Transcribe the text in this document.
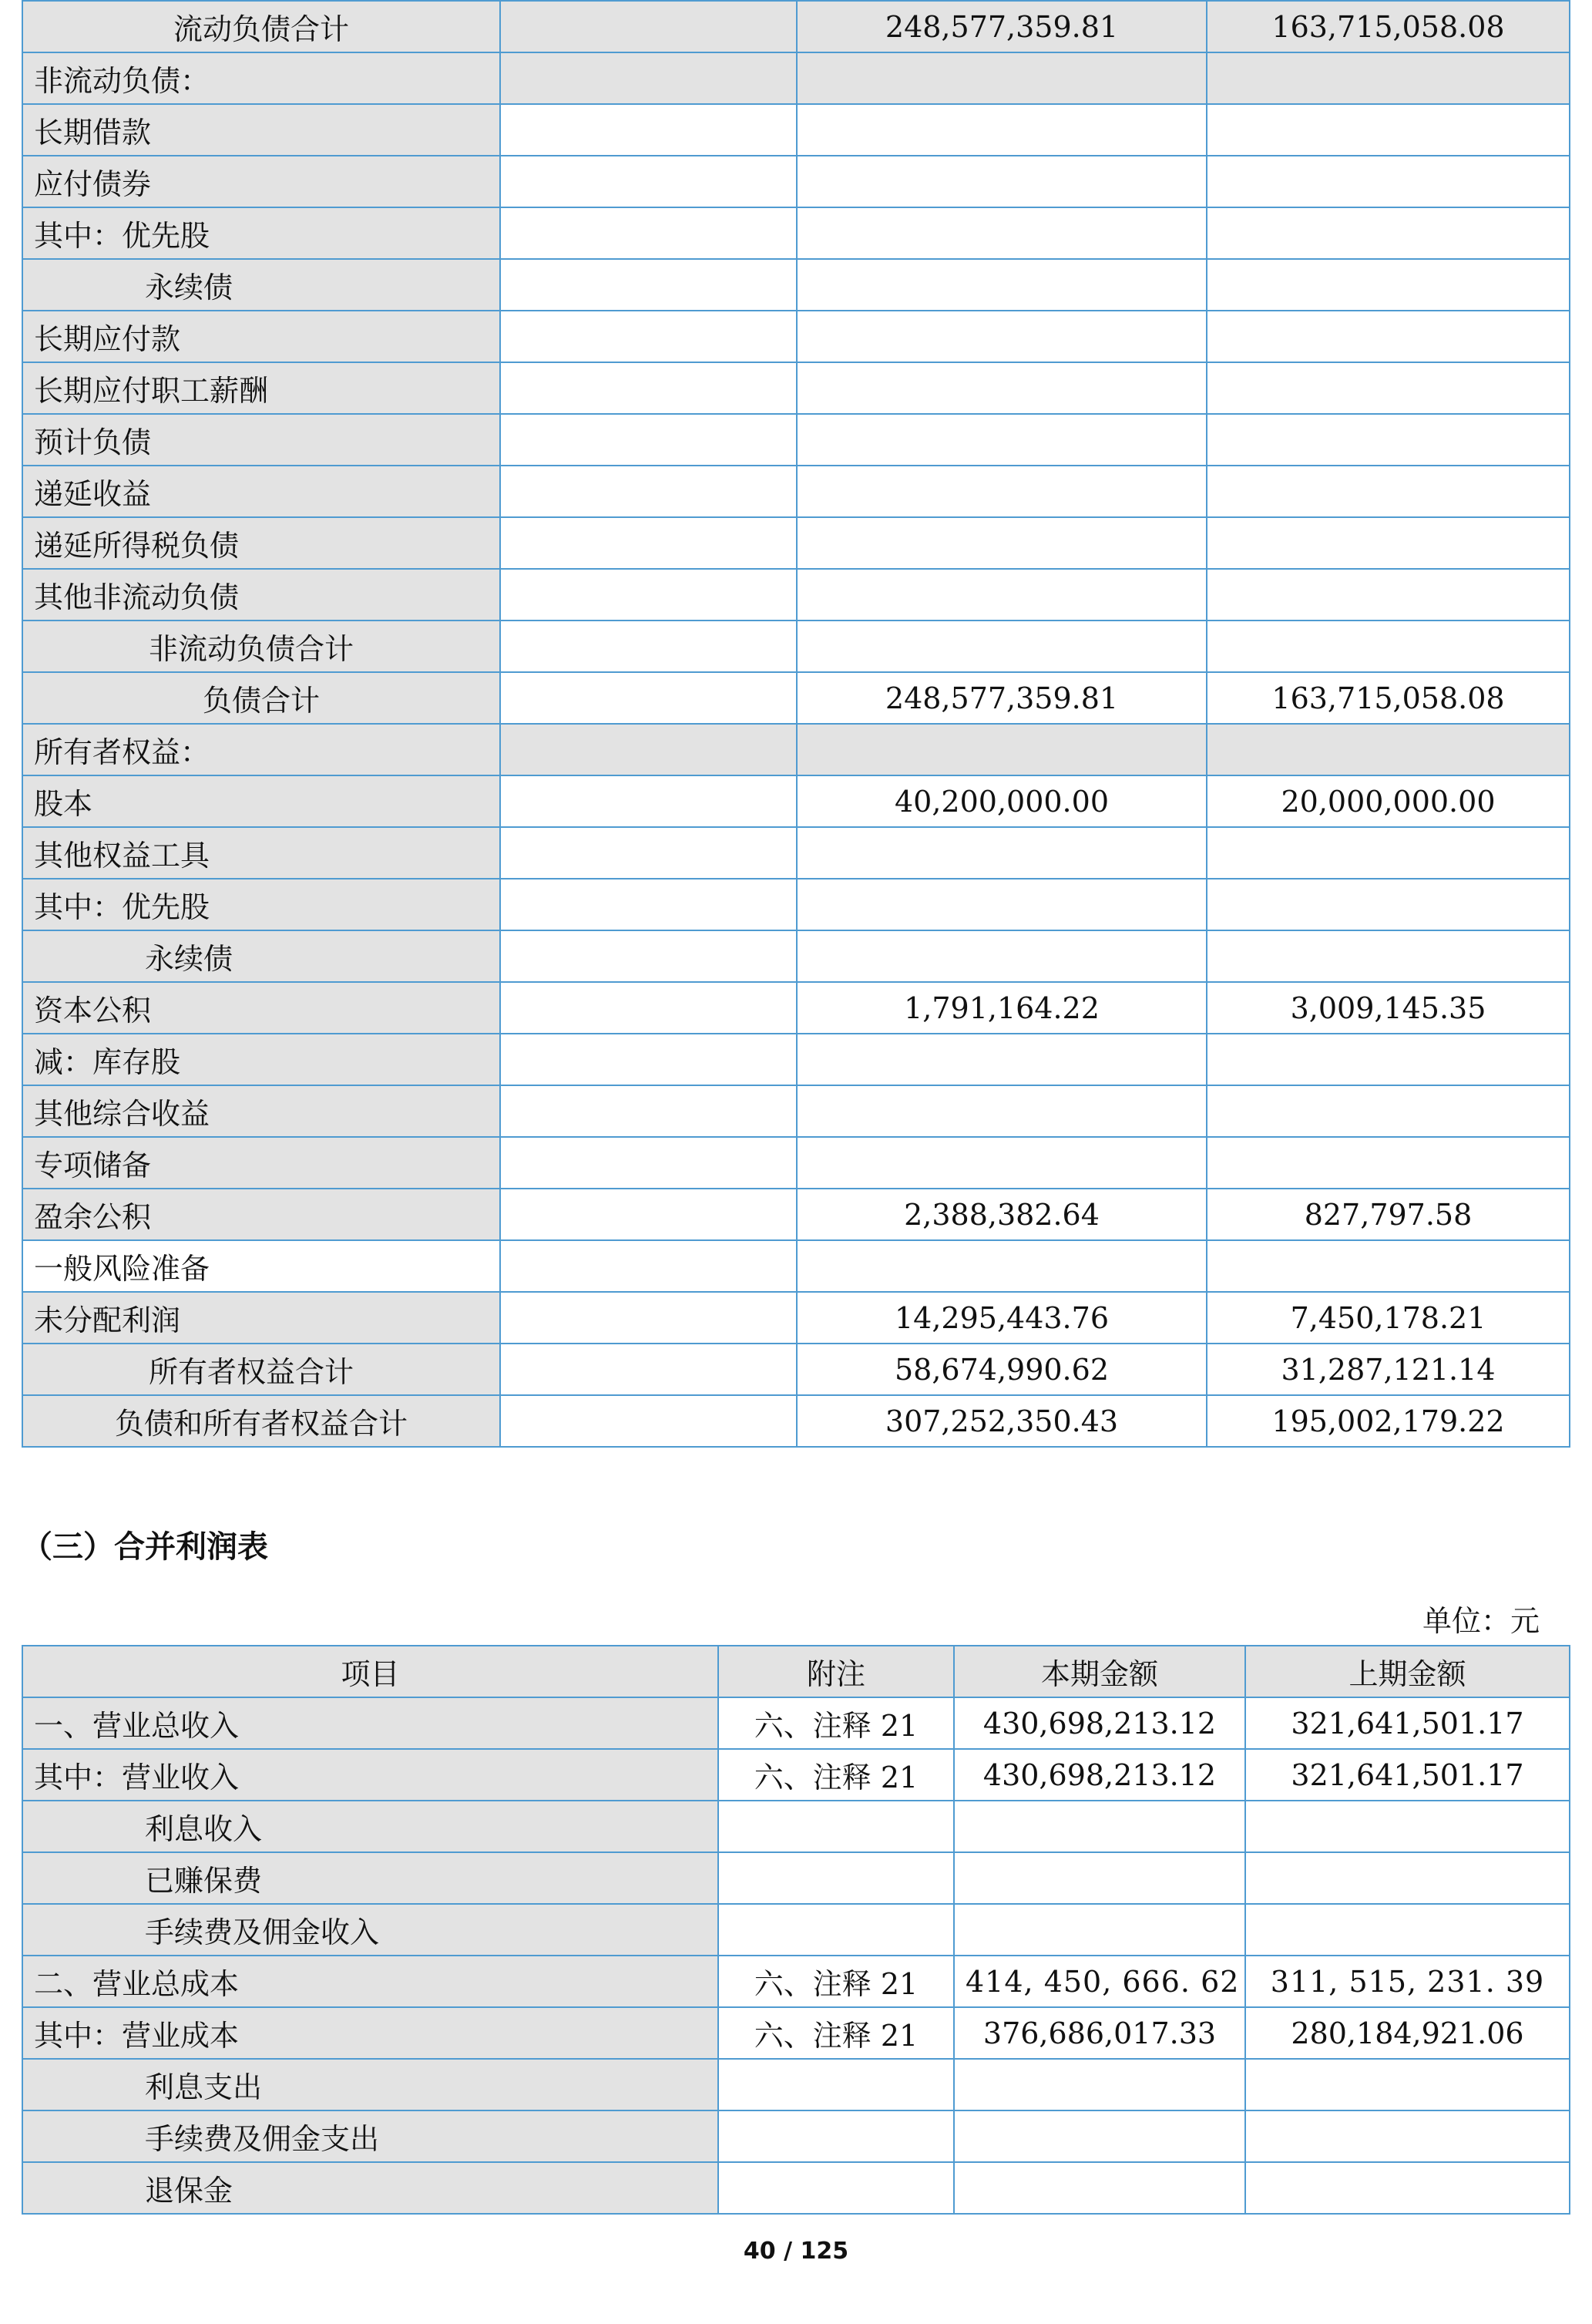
流动负债合计		248,577,359.81	163,715,058.08
非流动负债：			
长期借款			
应付债券			
其中：优先股			
永续债			
长期应付款			
长期应付职工薪酬			
预计负债			
递延收益			
递延所得税负债			
其他非流动负债			
非流动负债合计			
负债合计		248,577,359.81	163,715,058.08
所有者权益：			
股本		40,200,000.00	20,000,000.00
其他权益工具			
其中：优先股			
永续债			
资本公积		1,791,164.22	3,009,145.35
减：库存股			
其他综合收益			
专项储备			
盈余公积		2,388,382.64	827,797.58
一般风险准备			
未分配利润		14,295,443.76	7,450,178.21
所有者权益合计		58,674,990.62	31,287,121.14
负债和所有者权益合计		307,252,350.43	195,002,179.22
（三）合并利润表
单位：元
项目	附注	本期金额	上期金额
一、营业总收入	六、注释 21	430,698,213.12	321,641,501.17
其中：营业收入	六、注释 21	430,698,213.12	321,641,501.17
利息收入			
已赚保费			
手续费及佣金收入			
二、营业总成本	六、注释 21	414, 450, 666. 62	311, 515, 231. 39
其中：营业成本	六、注释 21	376,686,017.33	280,184,921.06
利息支出			
手续费及佣金支出			
退保金			
40 / 125
